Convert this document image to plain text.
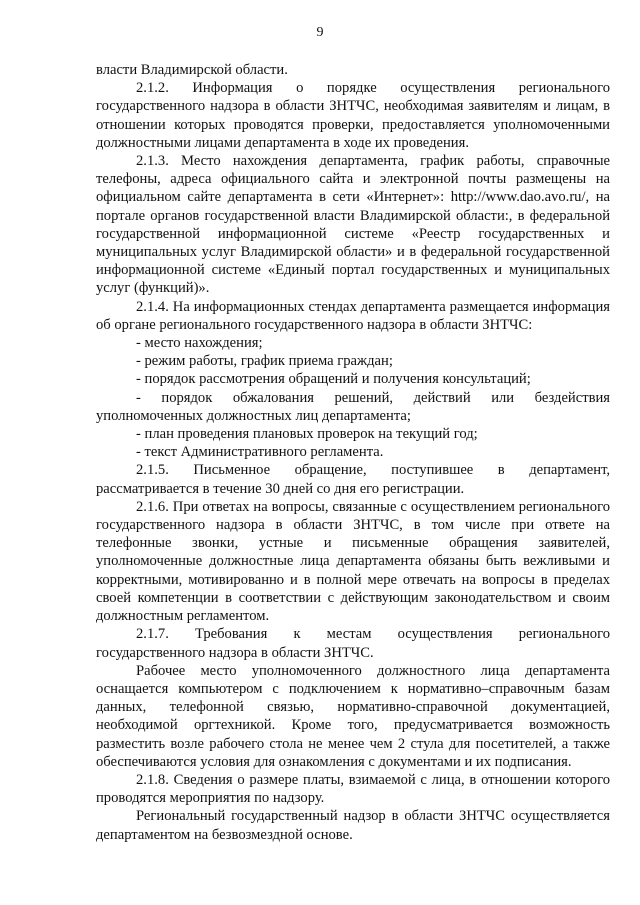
9

власти Владимирской области.

2.1.2. Информация о порядке осуществления регионального государственного надзора в области ЗНТЧС, необходимая заявителям и лицам, в отношении которых проводятся проверки, предоставляется уполномоченными должностными лицами департамента в ходе их проведения.

2.1.3. Место нахождения департамента, график работы, справочные телефоны, адреса официального сайта и электронной почты размещены на официальном сайте департамента в сети «Интернет»: http://www.dao.avo.ru/, на портале органов государственной власти Владимирской области:, в федеральной государственной информационной системе «Реестр государственных и муниципальных услуг Владимирской области» и в федеральной государственной информационной системе «Единый портал государственных и муниципальных услуг (функций)».

2.1.4. На информационных стендах департамента размещается информация об органе регионального государственного надзора в области ЗНТЧС:

- место нахождения;

- режим работы, график приема граждан;

- порядок рассмотрения обращений и получения консультаций;

- порядок обжалования решений, действий или бездействия уполномоченных должностных лиц департамента;

- план проведения плановых проверок на текущий год;

- текст Административного регламента.

2.1.5. Письменное обращение, поступившее в департамент, рассматривается в течение 30 дней со дня его регистрации.

2.1.6. При ответах на вопросы, связанные с осуществлением регионального государственного надзора в области ЗНТЧС, в том числе при ответе на телефонные звонки, устные и письменные обращения заявителей, уполномоченные должностные лица департамента обязаны быть вежливыми и корректными, мотивированно и в полной мере отвечать на вопросы в пределах своей компетенции в соответствии с действующим законодательством и своим должностным регламентом.

2.1.7. Требования к местам осуществления регионального государственного надзора в области ЗНТЧС.

Рабочее место уполномоченного должностного лица департамента оснащается компьютером с подключением к нормативно–справочным базам данных, телефонной связью, нормативно-справочной документацией, необходимой оргтехникой. Кроме того, предусматривается возможность разместить возле рабочего стола не менее чем 2 стула для посетителей, а также обеспечиваются условия для ознакомления с документами и их подписания.

2.1.8. Сведения о размере платы, взимаемой с лица, в отношении которого проводятся мероприятия по надзору.

Региональный государственный надзор в области ЗНТЧС осуществляется департаментом на безвозмездной основе.
